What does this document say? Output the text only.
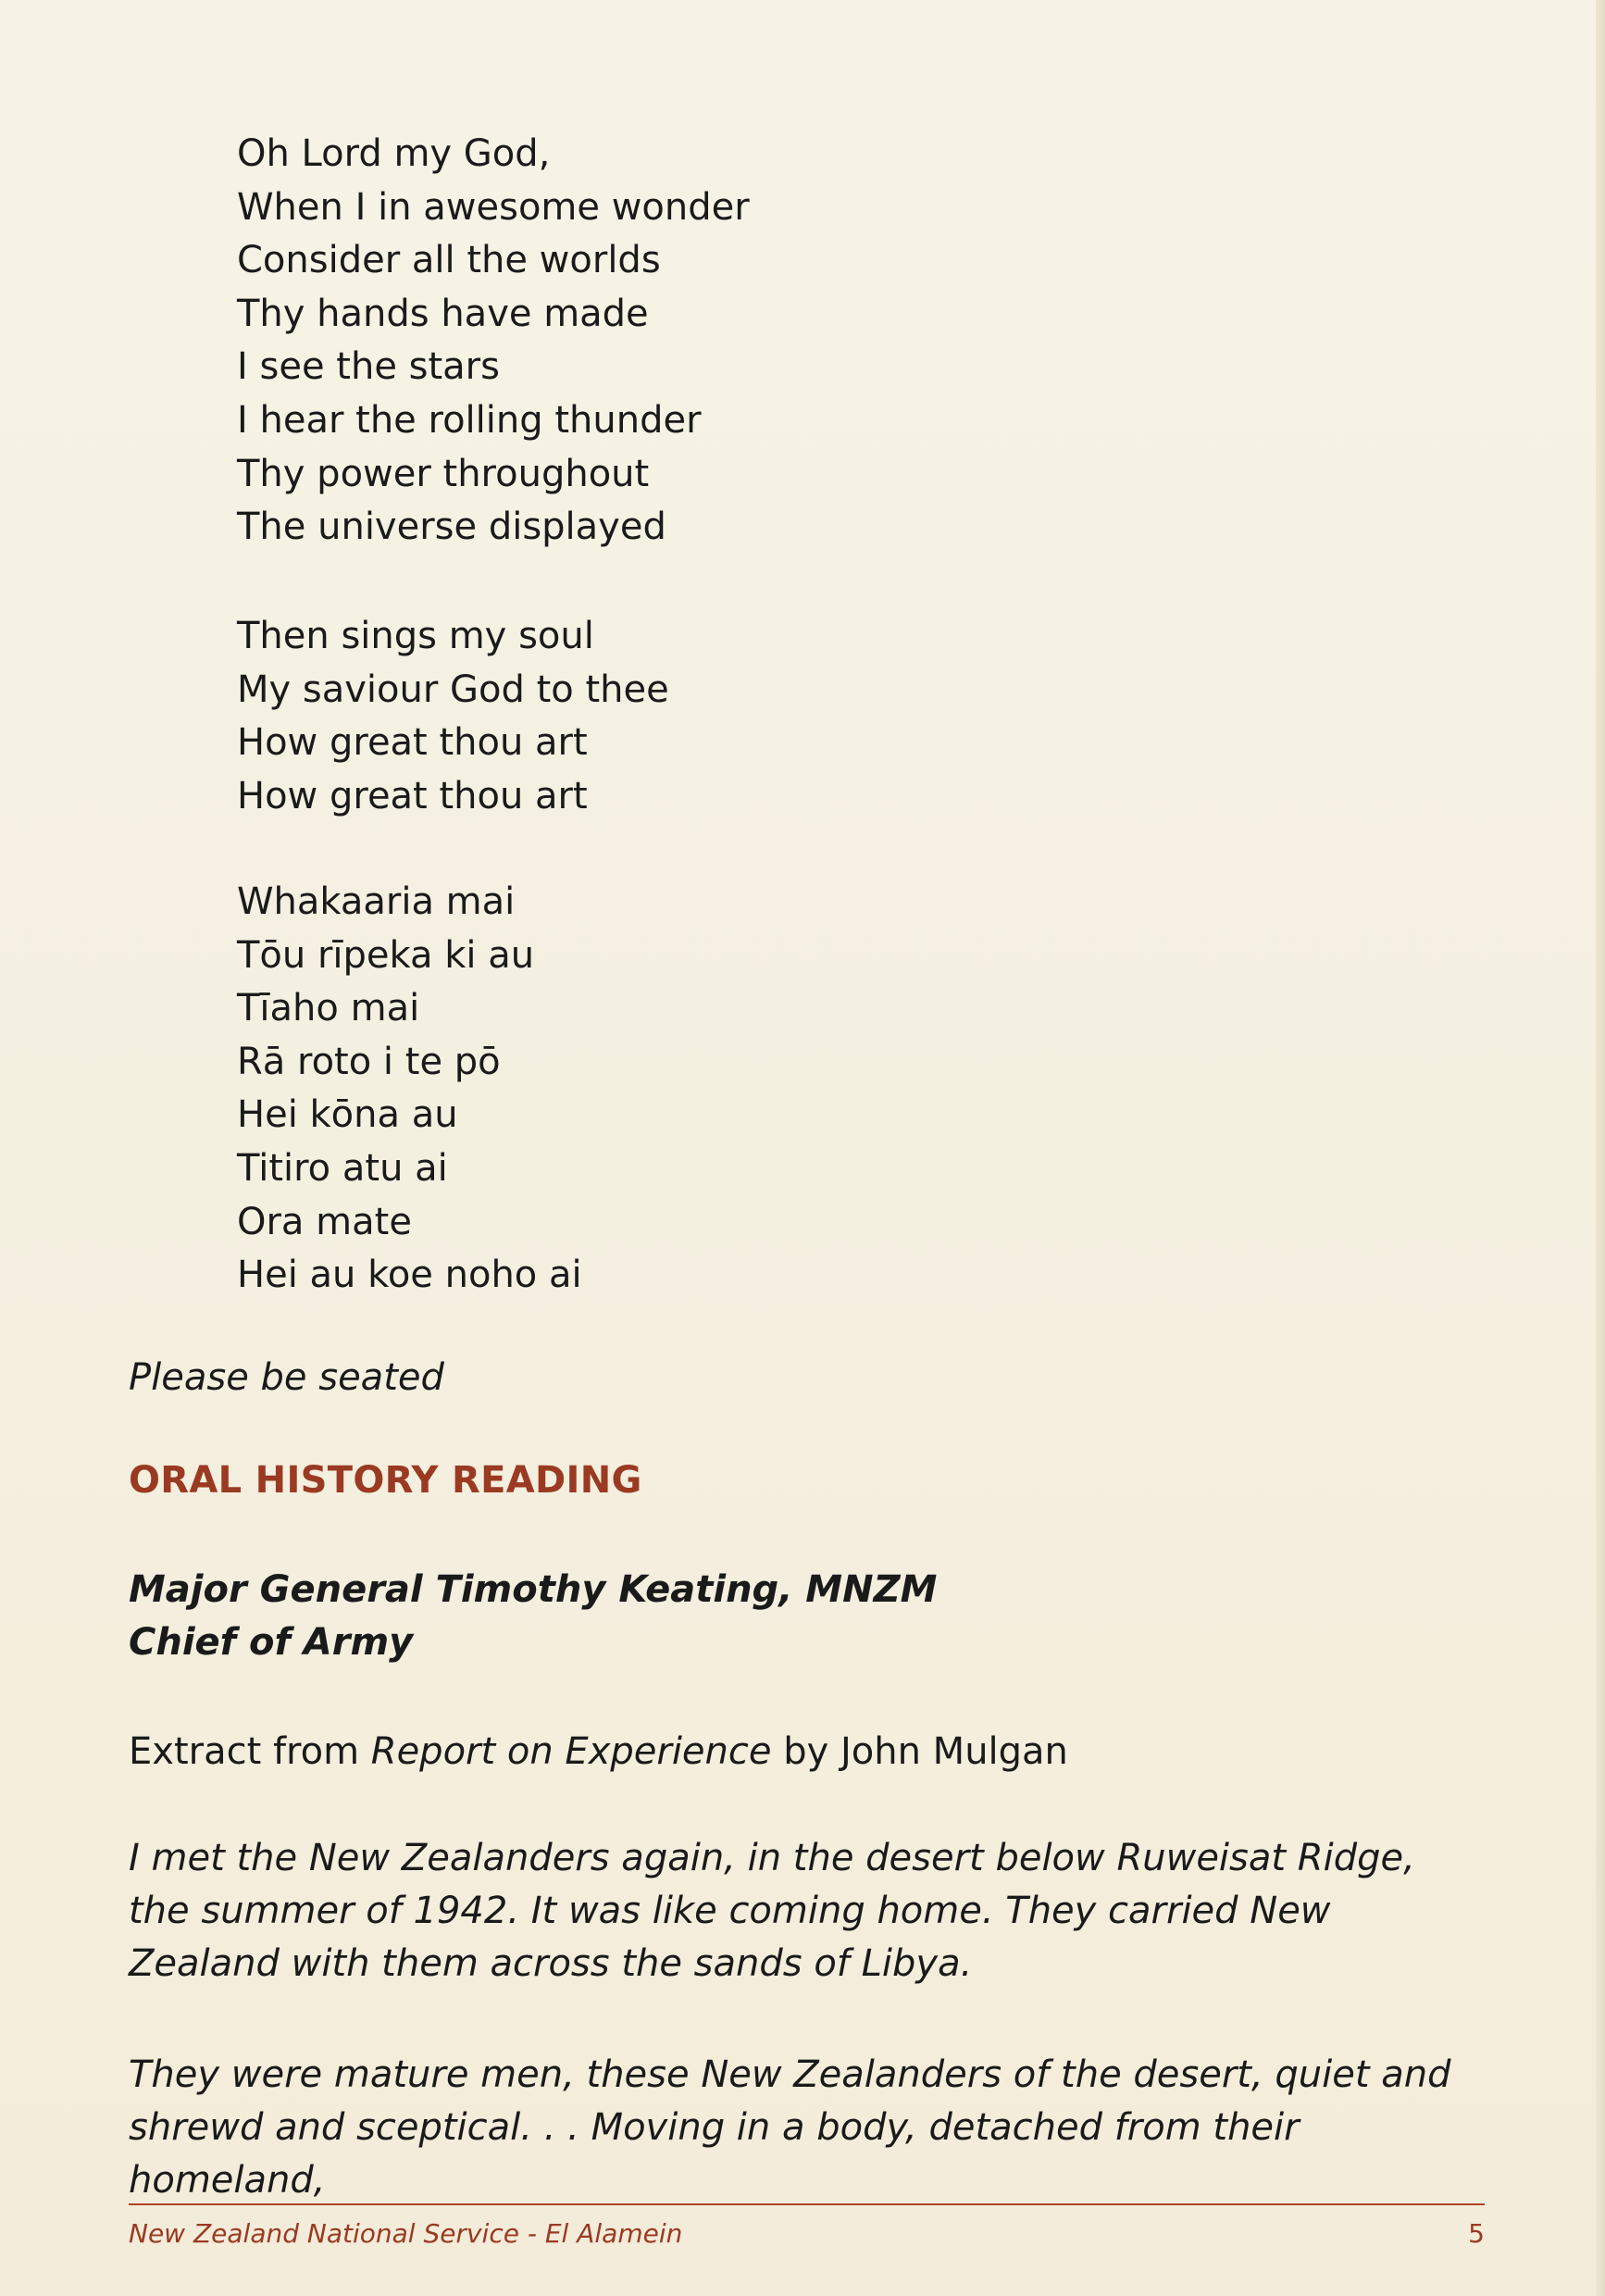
Oh Lord my God,
When I in awesome wonder
Consider all the worlds
Thy hands have made
I see the stars
I hear the rolling thunder
Thy power throughout
The universe displayed
Then sings my soul
My saviour God to thee
How great thou art
How great thou art
Whakaaria mai
Tōu rīpeka ki au
Tīaho mai
Rā roto i te pō
Hei kōna au
Titiro atu ai
Ora mate
Hei au koe noho ai
Please be seated
ORAL HISTORY READING
Major General Timothy Keating, MNZM
Chief of Army
Extract from Report on Experience by John Mulgan
I met the New Zealanders again, in the desert below Ruweisat Ridge, the summer of 1942. It was like coming home. They carried New Zealand with them across the sands of Libya.
They were mature men, these New Zealanders of the desert, quiet and shrewd and sceptical. . . Moving in a body, detached from their homeland,
New Zealand National Service - El Alamein	5
